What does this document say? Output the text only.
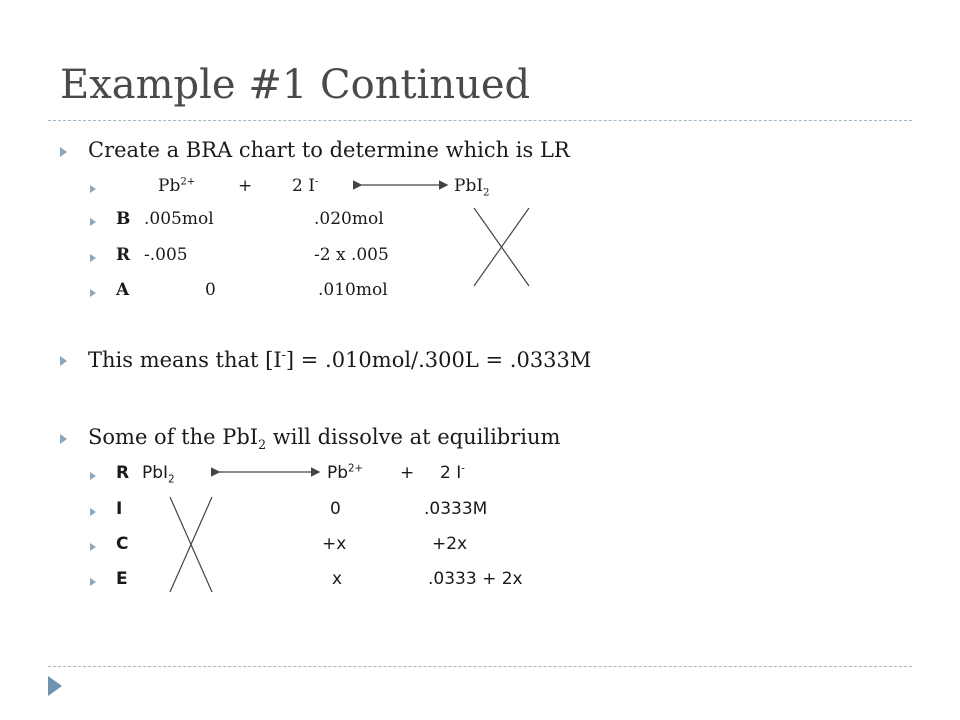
Example #1 Continued
Create a BRA chart to determine which is LR
$Pb^{2+}$	+ 2 I-	PbI$_2$
B .005mol	.020mol
R -.005	-2 x .005
A	0	.010mol
This means that [I-] = .010mol/.300L = .0333M
Some of the PbI$_2$ will dissolve at equilibrium
R PbI$_2$	$Pb^{2+} + 2$ I-
I	0	.0333M
C	+x	+2x
E	x	.0333 + 2x
